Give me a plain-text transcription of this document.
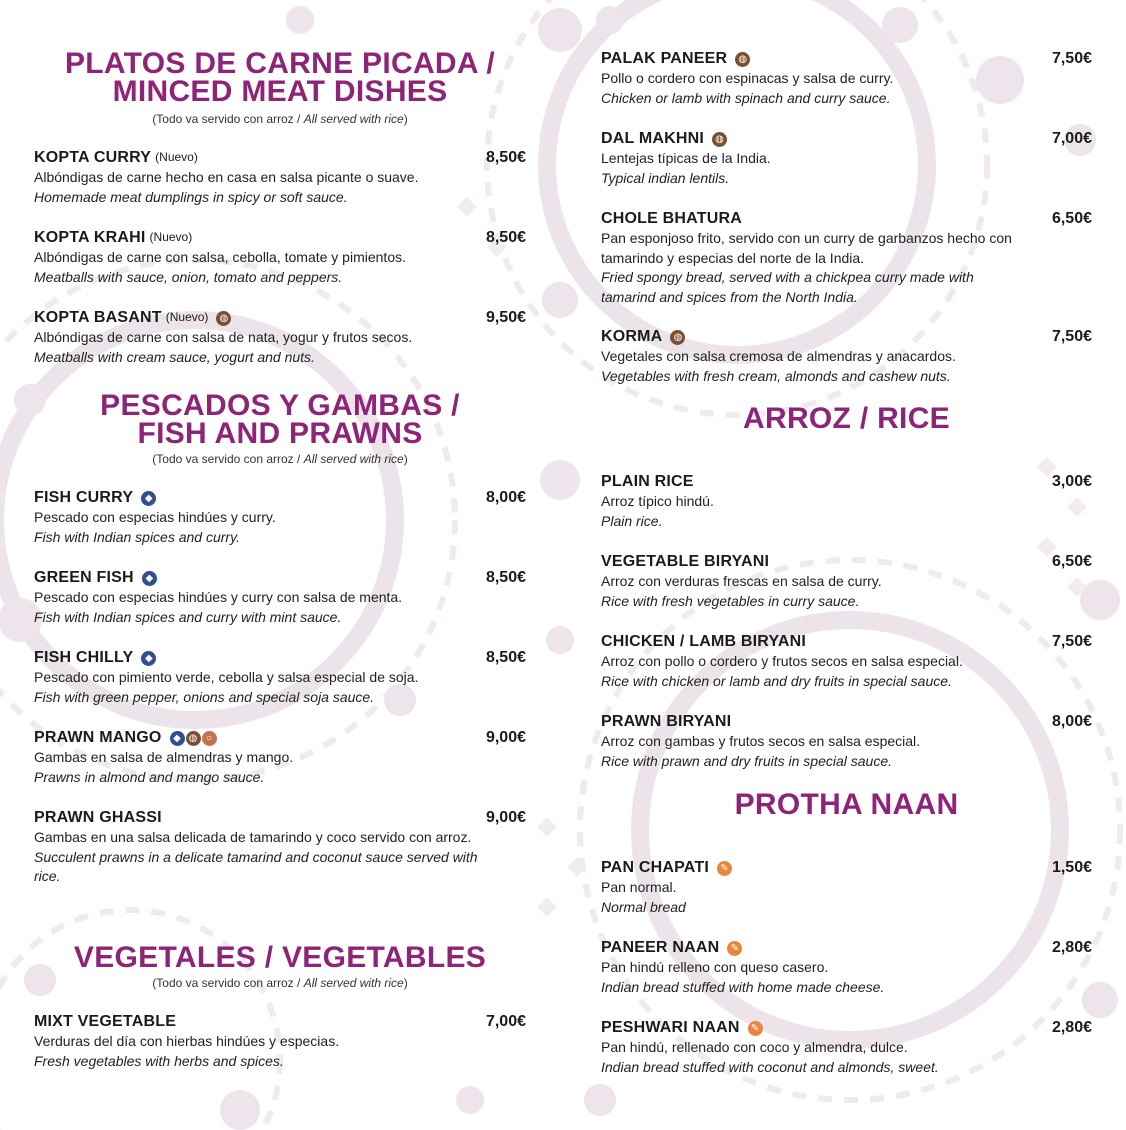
PLATOS DE CARNE PICADA /
MINCED MEAT DISHES
(Todo va servido con arroz / All served with rice)
KOPTA CURRY (Nuevo)	8,50€
Albóndigas de carne hecho en casa en salsa picante o suave.
Homemade meat dumplings in spicy or soft sauce.
KOPTA KRAHI (Nuevo)	8,50€
Albóndigas de carne con salsa, cebolla, tomate y pimientos.
Meatballs with sauce, onion, tomato and peppers.
KOPTA BASANT (Nuevo)	◍	9,50€
Albóndigas de carne con salsa de nata, yogur y frutos secos.
Meatballs with cream sauce, yogurt and nuts.
PESCADOS Y GAMBAS /
FISH AND PRAWNS
(Todo va servido con arroz / All served with rice)
FISH CURRY	◆	8,00€
Pescado con especias hindúes y curry.
Fish with Indian spices and curry.
GREEN FISH	◆	8,50€
Pescado con especias hindúes y curry con salsa de menta.
Fish with Indian spices and curry with mint sauce.
FISH CHILLY	◆	8,50€
Pescado con pimiento verde, cebolla y salsa especial de soja.
Fish with green pepper, onions and special soja sauce.
PRAWN MANGO	◆ ◍ ○	9,00€
Gambas en salsa de almendras y mango.
Prawns in almond and mango sauce.
PRAWN GHASSI
Gambas en una salsa delicada de tamarindo y coco servido con arroz.
Succulent prawns in a delicate tamarind and coconut sauce served with rice.
9,00€
VEGETALES / VEGETABLES
(Todo va servido con arroz / All served with rice)
MIXT VEGETABLE	7,00€
Verduras del día con hierbas hindúes y especias.
Fresh vegetables with herbs and spices.
PALAK PANEER	◍	7,50€
Pollo o cordero con espinacas y salsa de curry.
Chicken or lamb with spinach and curry sauce.
DAL MAKHNI	◍	7,00€
Lentejas típicas de la India.
Typical indian lentils.
CHOLE BHATURA
Pan esponjoso frito, servido con un curry de garbanzos hecho con tamarindo y especias del norte de la India.
Fried spongy bread, served with a chickpea curry made with tamarind and spices from the North India.
6,50€
KORMA	◍	7,50€
Vegetales con salsa cremosa de almendras y anacardos.
Vegetables with fresh cream, almonds and cashew nuts.
ARROZ / RICE
PLAIN RICE	3,00€
Arroz típico hindú.
Plain rice.
VEGETABLE BIRYANI	6,50€
Arroz con verduras frescas en salsa de curry.
Rice with fresh vegetables in curry sauce.
CHICKEN / LAMB BIRYANI	7,50€
Arroz con pollo o cordero y frutos secos en salsa especial.
Rice with chicken or lamb and dry fruits in special sauce.
PRAWN BIRYANI	8,00€
Arroz con gambas y frutos secos en salsa especial.
Rice with prawn and dry fruits in special sauce.
PROTHA NAAN
PAN CHAPATI	✎	1,50€
Pan normal.
Normal bread
PANEER NAAN	✎	2,80€
Pan hindú relleno con queso casero.
Indian bread stuffed with home made cheese.
PESHWARI NAAN	✎	2,80€
Pan hindú, rellenado con coco y almendra, dulce.
Indian bread stuffed with coconut and almonds, sweet.
